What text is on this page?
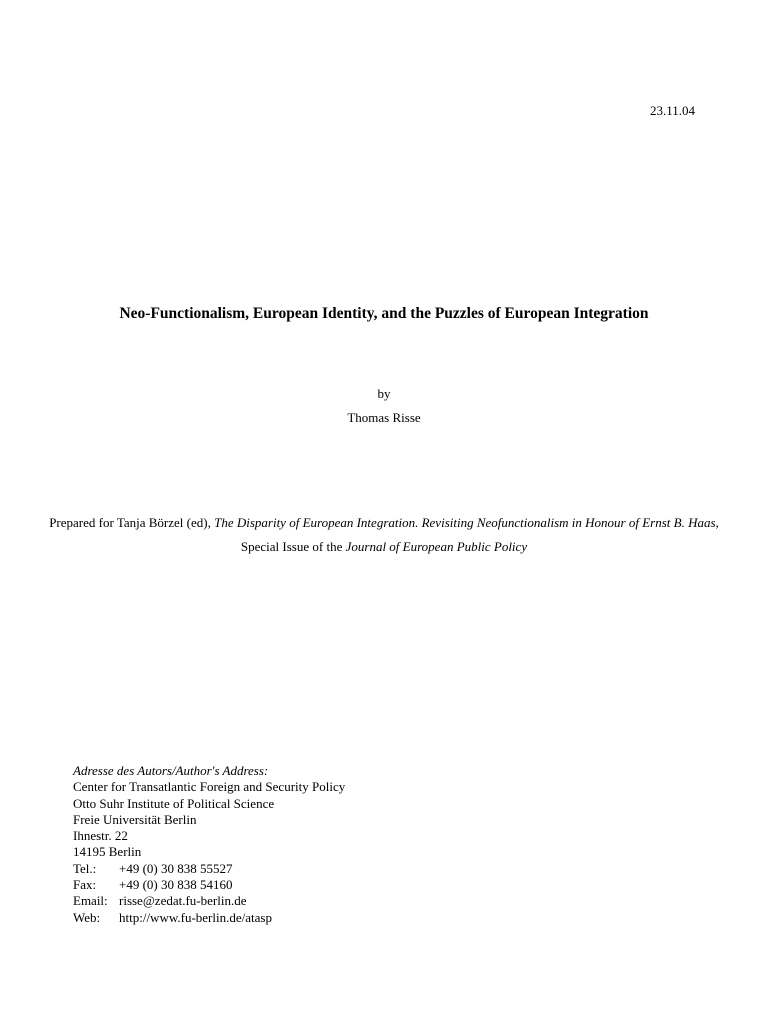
23.11.04
Neo-Functionalism, European Identity, and the Puzzles of European Integration
by
Thomas Risse
Prepared for Tanja Börzel (ed), The Disparity of European Integration. Revisiting Neofunctionalism in Honour of Ernst B. Haas, Special Issue of the Journal of European Public Policy
Adresse des Autors/Author's Address:
Center for Transatlantic Foreign and Security Policy
Otto Suhr Institute of Political Science
Freie Universität Berlin
Ihnestr. 22
14195 Berlin
Tel.: +49 (0) 30 838 55527
Fax: +49 (0) 30 838 54160
Email: risse@zedat.fu-berlin.de
Web: http://www.fu-berlin.de/atasp
